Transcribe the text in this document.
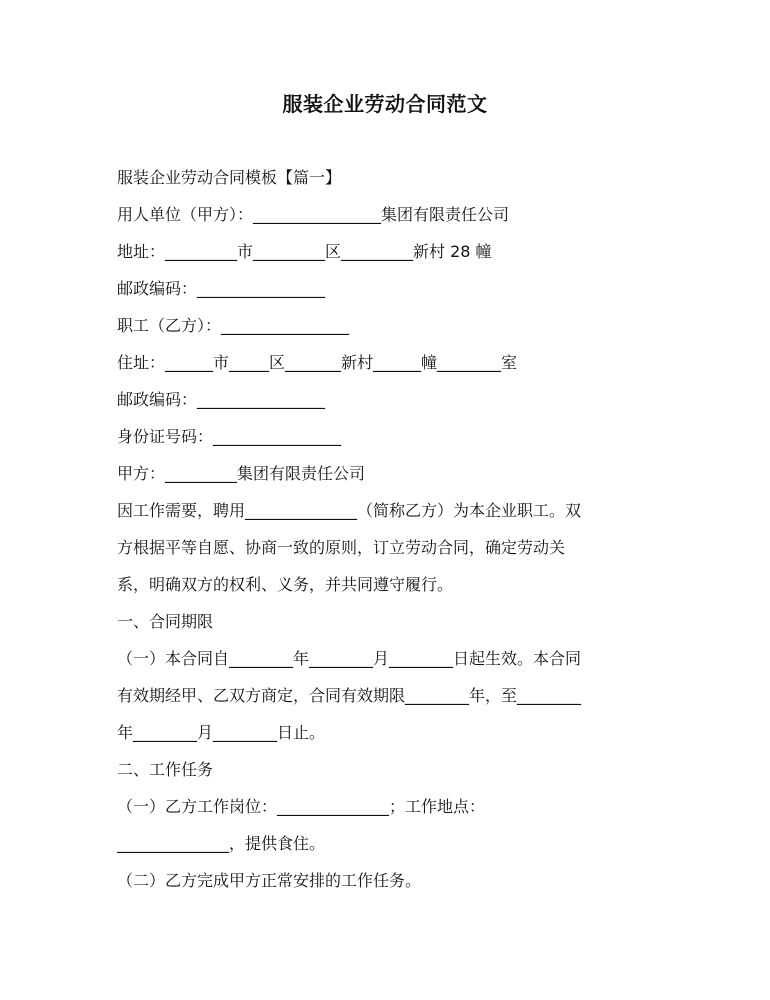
服装企业劳动合同范文
服装企业劳动合同模板【篇一】
用人单位（甲方）：________________集团有限责任公司
地址：_________市_________区_________新村 28 幢
邮政编码：________________
职工（乙方）：________________
住址：______市_____区_______新村______幢________室
邮政编码：________________
身份证号码：________________
甲方：_________集团有限责任公司
因工作需要，聘用______________（简称乙方）为本企业职工。双
方根据平等自愿、协商一致的原则，订立劳动合同，确定劳动关
系，明确双方的权利、义务，并共同遵守履行。
一、合同期限
（一）本合同自________年________月________日起生效。本合同
有效期经甲、乙双方商定，合同有效期限________年，至________
年________月________日止。
二、工作任务
（一）乙方工作岗位：______________；工作地点：
______________，提供食住。
（二）乙方完成甲方正常安排的工作任务。
